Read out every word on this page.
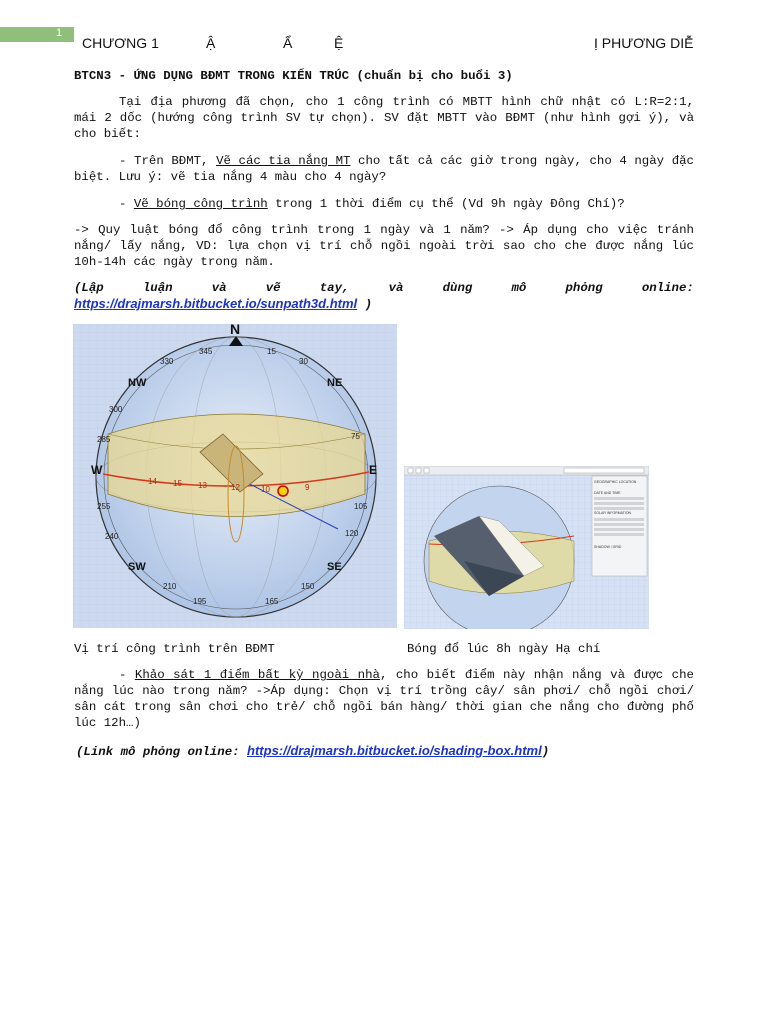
1
CHƯƠNG 1	Ậ	Ẩ	Ệ	Ị PHƯƠNG DIỄ
BTCN3 - ỨNG DỤNG BĐMT TRONG KIẾN TRÚC (chuẩn bị cho buổi 3)
Tại địa phương đã chọn, cho 1 công trình có MBTT hình chữ nhật có L:R=2:1, mái 2 dốc (hướng công trình SV tự chọn). SV đặt MBTT vào BĐMT (như hình gợi ý), và cho biết:
- Trên BĐMT, Vẽ các tia nắng MT cho tất cả các giờ trong ngày, cho 4 ngày đặc biệt. Lưu ý: vẽ tia nắng 4 màu cho 4 ngày?
- Vẽ bóng công trình trong 1 thời điểm cụ thể (Vd 9h ngày Đông Chí)?
-> Quy luật bóng đổ công trình trong 1 ngày và 1 năm? -> Áp dụng cho việc tránh nắng/ lấy nắng, VD: lựa chọn vị trí chỗ ngồi ngoài trời sao cho che được nắng lúc 10h-14h các ngày trong năm.
(Lập	luận	và	vẽ	tay,	và	dùng	mô	phỏng	online:
https://drajmarsh.bitbucket.io/sunpath3d.html )
N
E
W
NW	NE
SE
SW
345
330
15
30
75
105
120
150
165
195
210
240
255
285
300
15 13	12	10	9
14	GEOGRAPHIC LOCATION
DATE AND TIME
SOLAR INFORMATION
SHADOW / GRID
Vị trí công trình trên BĐMT	Bóng đổ lúc 8h ngày Hạ chí
- Khảo sát 1 điểm bất kỳ ngoài nhà, cho biết điểm này nhận nắng và được che nắng lúc nào trong năm? ->Áp dụng: Chọn vị trí trồng cây/ sân phơi/ chỗ ngồi chơi/ sân cát trong sân chơi cho trẻ/ chỗ ngồi bán hàng/ thời gian che nắng cho đường phố lúc 12h…)
(Link mô phỏng online: https://drajmarsh.bitbucket.io/shading-box.html)
